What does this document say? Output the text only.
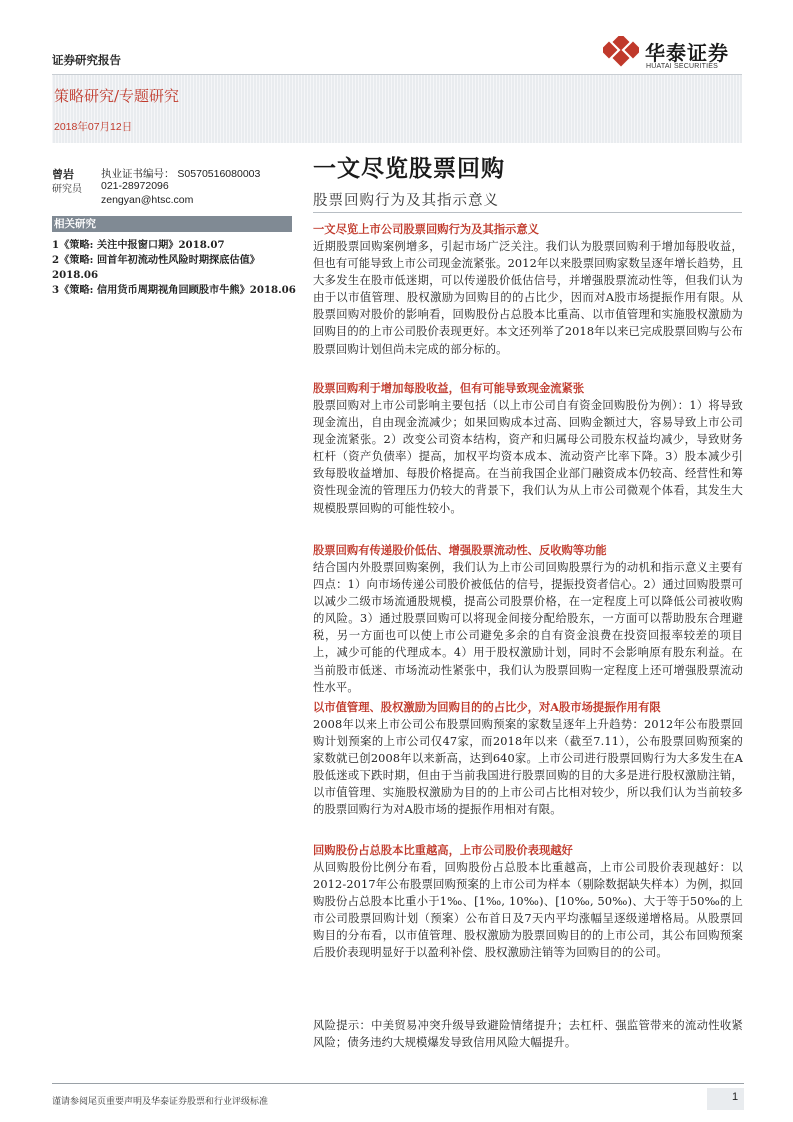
证券研究报告	华泰证券
HUATAI SECURITIES
策略研究/专题研究
2018年07月12日
曾岩
研究员
执业证书编号： S0570516080003
021-28972096
zengyan@htsc.com
相关研究
1《策略: 关注中报窗口期》2018.07
2《策略: 回首年初流动性风险时期探底估值》2018.06
3《策略: 信用货币周期视角回顾股市牛熊》2018.06
一文尽览股票回购
股票回购行为及其指示意义
一文尽览上市公司股票回购行为及其指示意义
近期股票回购案例增多，引起市场广泛关注。我们认为股票回购利于增加每股收益，但也有可能导致上市公司现金流紧张。2012年以来股票回购家数呈逐年增长趋势，且大多发生在股市低迷期，可以传递股价低估信号，并增强股票流动性等，但我们认为由于以市值管理、股权激励为回购目的的占比少，因而对A股市场提振作用有限。从股票回购对股价的影响看，回购股份占总股本比重高、以市值管理和实施股权激励为回购目的的上市公司股价表现更好。本文还列举了2018年以来已完成股票回购与公布股票回购计划但尚未完成的部分标的。
股票回购利于增加每股收益，但有可能导致现金流紧张
股票回购对上市公司影响主要包括（以上市公司自有资金回购股份为例）：1）将导致现金流出，自由现金流减少；如果回购成本过高、回购金额过大，容易导致上市公司现金流紧张。2）改变公司资本结构，资产和归属母公司股东权益均减少，导致财务杠杆（资产负债率）提高，加权平均资本成本、流动资产比率下降。3）股本减少引致每股收益增加、每股价格提高。在当前我国企业部门融资成本仍较高、经营性和筹资性现金流的管理压力仍较大的背景下，我们认为从上市公司微观个体看，其发生大规模股票回购的可能性较小。
股票回购有传递股价低估、增强股票流动性、反收购等功能
结合国内外股票回购案例，我们认为上市公司回购股票行为的动机和指示意义主要有四点：1）向市场传递公司股价被低估的信号，提振投资者信心。2）通过回购股票可以减少二级市场流通股规模，提高公司股票价格，在一定程度上可以降低公司被收购的风险。3）通过股票回购可以将现金间接分配给股东，一方面可以帮助股东合理避税，另一方面也可以使上市公司避免多余的自有资金浪费在投资回报率较差的项目上，减少可能的代理成本。4）用于股权激励计划，同时不会影响原有股东利益。在当前股市低迷、市场流动性紧张中，我们认为股票回购一定程度上还可增强股票流动性水平。
以市值管理、股权激励为回购目的的占比少，对A股市场提振作用有限
2008年以来上市公司公布股票回购预案的家数呈逐年上升趋势：2012年公布股票回购计划预案的上市公司仅47家，而2018年以来（截至7.11），公布股票回购预案的家数就已创2008年以来新高，达到640家。上市公司进行股票回购行为大多发生在A股低迷或下跌时期，但由于当前我国进行股票回购的目的大多是进行股权激励注销，以市值管理、实施股权激励为目的的上市公司占比相对较少，所以我们认为当前较多的股票回购行为对A股市场的提振作用相对有限。
回购股份占总股本比重越高，上市公司股价表现越好
从回购股份比例分布看，回购股份占总股本比重越高，上市公司股价表现越好：以2012-2017年公布股票回购预案的上市公司为样本（剔除数据缺失样本）为例，拟回购股份占总股本比重小于1‰、[1‰, 10‰)、[10‰, 50‰)、大于等于50‰的上市公司股票回购计划（预案）公布首日及7天内平均涨幅呈逐级递增格局。从股票回购目的分布看，以市值管理、股权激励为股票回购目的的上市公司，其公布回购预案后股价表现明显好于以盈利补偿、股权激励注销等为回购目的的公司。
风险提示：中美贸易冲突升级导致避险情绪提升；去杠杆、强监管带来的流动性收紧风险；债务违约大规模爆发导致信用风险大幅提升。
谨请参阅尾页重要声明及华泰证券股票和行业评级标准	1
